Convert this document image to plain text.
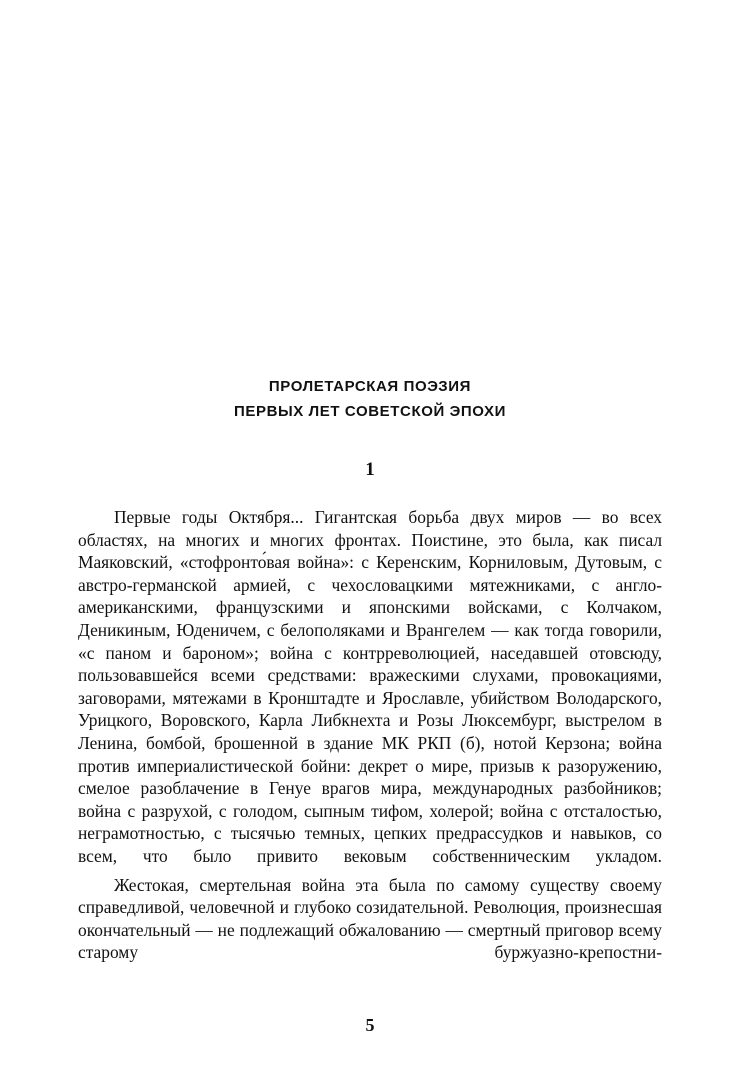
ПРОЛЕТАРСКАЯ ПОЭЗИЯ
ПЕРВЫХ ЛЕТ СОВЕТСКОЙ ЭПОХИ
1

Первые годы Октября... Гигантская борьба двух миров — во всех областях, на многих и многих фронтах. Поистине, это была, как писал Маяковский, «стофронто́вая война»: с Керенским, Корниловым, Дутовым, с австро-германской армией, с чехословацкими мятежниками, с англо-американскими, французскими и японскими войсками, с Колчаком, Деникиным, Юденичем, с белополяками и Врангелем — как тогда говорили, «с паном и бароном»; война с контрреволюцией, наседавшей отовсюду, пользовавшейся всеми средствами: вражескими слухами, провокациями, заговорами, мятежами в Кронштадте и Ярославле, убийством Володарского, Урицкого, Воровского, Карла Либкнехта и Розы Люксембург, выстрелом в Ленина, бомбой, брошенной в здание МК РКП (б), нотой Керзона; война против империалистической бойни: декрет о мире, призыв к разоружению, смелое разоблачение в Генуе врагов мира, международных разбойников; война с разрухой, с голодом, сыпным тифом, холерой; война с отсталостью, неграмотностью, с тысячью темных, цепких предрассудков и навыков, со всем, что было привито вековым собственническим укладом.

Жестокая, смертельная война эта была по самому существу своему справедливой, человечной и глубоко созидательной. Революция, произнесшая окончательный — не подлежащий обжалованию — смертный приговор всему старому буржуазно-крепостни-

5
